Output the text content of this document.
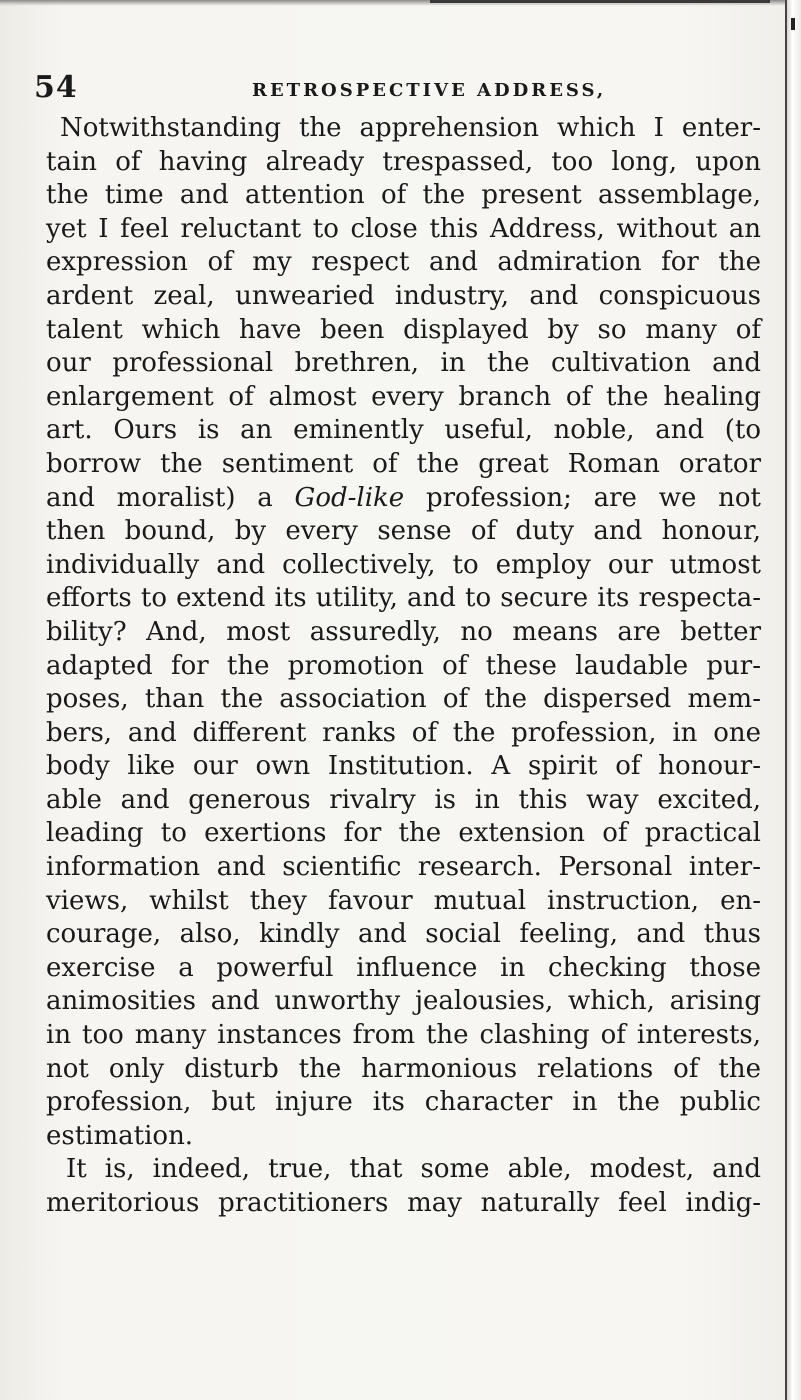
54	RETROSPECTIVE ADDRESS,
Notwithstanding the apprehension which I enter-
tain of having already trespassed, too long, upon
the time and attention of the present assemblage,
yet I feel reluctant to close this Address, without an
expression of my respect and admiration for the
ardent zeal, unwearied industry, and conspicuous
talent which have been displayed by so many of
our professional brethren, in the cultivation and
enlargement of almost every branch of the healing
art. Ours is an eminently useful, noble, and (to
borrow the sentiment of the great Roman orator
and moralist) a God-like profession; are we not
then bound, by every sense of duty and honour,
individually and collectively, to employ our utmost
efforts to extend its utility, and to secure its respecta-
bility? And, most assuredly, no means are better
adapted for the promotion of these laudable pur-
poses, than the association of the dispersed mem-
bers, and different ranks of the profession, in one
body like our own Institution. A spirit of honour-
able and generous rivalry is in this way excited,
leading to exertions for the extension of practical
information and scientific research. Personal inter-
views, whilst they favour mutual instruction, en-
courage, also, kindly and social feeling, and thus
exercise a powerful influence in checking those
animosities and unworthy jealousies, which, arising
in too many instances from the clashing of interests,
not only disturb the harmonious relations of the
profession, but injure its character in the public
estimation.
It is, indeed, true, that some able, modest, and
meritorious practitioners may naturally feel indig-
